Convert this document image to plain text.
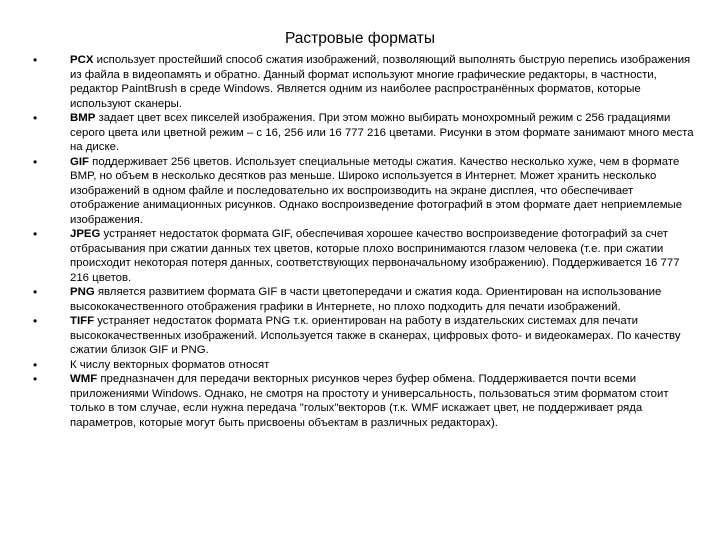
Растровые форматы
•	PCX использует простейший способ сжатия изображений, позволяющий выполнять быструю перепись изображения из файла в видеопамять и обратно. Данный формат используют многие графические редакторы, в частности, редактор PaintBrush в среде Windows. Является одним из наиболее распространённых форматов, которые используют сканеры.
•	BMP задает цвет всех пикселей изображения. При этом можно выбирать монохромный режим с 256 градациями серого цвета или цветной режим – с 16, 256 или 16 777 216 цветами. Рисунки в этом формате занимают много места на диске.
•	GIF поддерживает 256 цветов. Использует специальные методы сжатия. Качество несколько хуже, чем в формате BMP, но объем в несколько десятков раз меньше. Широко используется в Интернет. Может хранить несколько изображений в одном файле и последовательно их воспроизводить на экране дисплея, что обеспечивает отображение анимационных рисунков. Однако воспроизведение фотографий в этом формате дает неприемлемые изображения.
•	JPEG устраняет недостаток формата GIF, обеспечивая хорошее качество воспроизведение фотографий за счет отбрасывания при сжатии данных тех цветов, которые плохо воспринимаются глазом человека (т.е. при сжатии происходит некоторая потеря данных, соответствующих первоначальному изображению). Поддерживается 16 777 216 цветов.
•	PNG является развитием формата GIF в части цветопередачи и сжатия кода. Ориентирован на использование высококачественного отображения графики в Интернете, но плохо подходить для печати изображений.
•	TIFF устраняет недостаток формата PNG т.к. ориентирован на работу в издательских системах для печати высококачественных изображений. Используется также в сканерах, цифровых фото- и видеокамерах. По качеству сжатии близок GIF и PNG.
•	К числу векторных форматов относят
•	WMF предназначен для передачи векторных рисунков через буфер обмена. Поддерживается почти всеми приложениями Windows. Однако, не смотря на простоту и универсальность, пользоваться этим форматом стоит только в том случае, если нужна передача "голых"векторов (т.к. WMF искажает цвет, не поддерживает ряда параметров, которые могут быть присвоены объектам в различных редакторах).
